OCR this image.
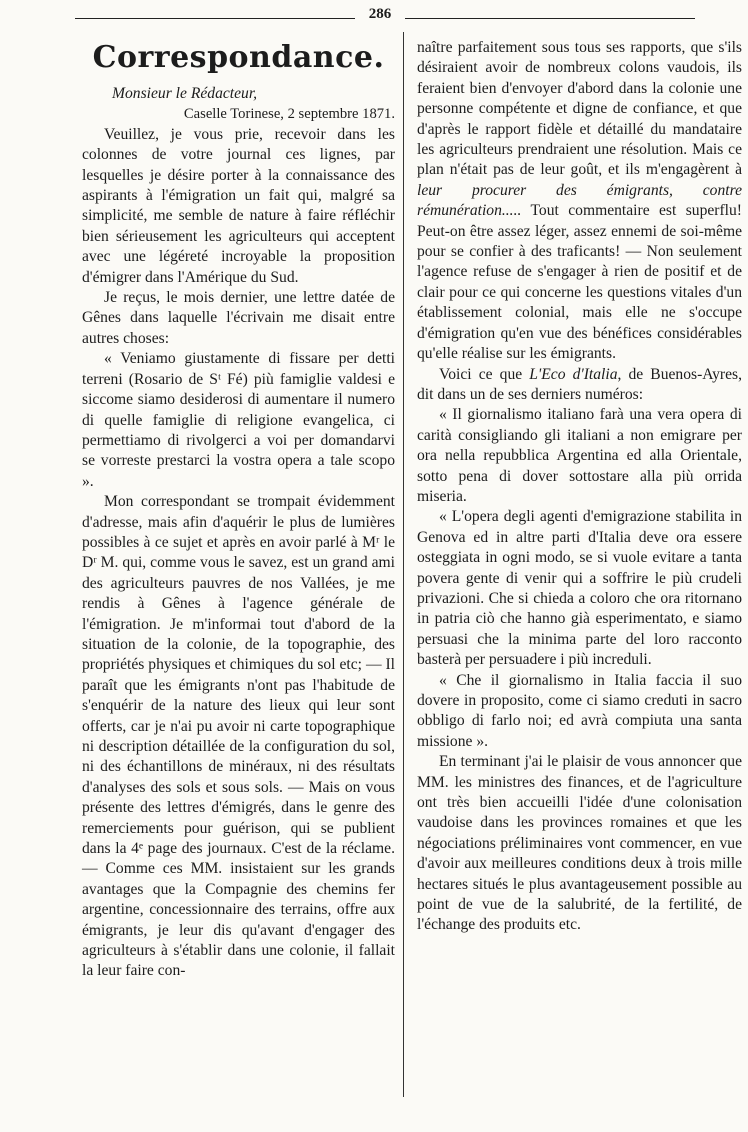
286
Correspondance.
Monsieur le Rédacteur,
Caselle Torinese, 2 septembre 1871.

Veuillez, je vous prie, recevoir dans les colonnes de votre journal ces lignes, par lesquelles je désire porter à la connaissance des aspirants à l'émigration un fait qui, malgré sa simplicité, me semble de nature à faire réfléchir bien sérieusement les agriculteurs qui acceptent avec une légéreté incroyable la proposition d'émigrer dans l'Amérique du Sud.

Je reçus, le mois dernier, une lettre datée de Gênes dans laquelle l'écrivain me disait entre autres choses:

« Veniamo giustamente di fissare per detti terreni (Rosario de Sᵗ Fé) più famiglie valdesi e siccome siamo desiderosi di aumentare il numero di quelle famiglie di religione evangelica, ci permettiamo di rivolgerci a voi per domandarvi se vorreste prestarci la vostra opera a tale scopo ».

Mon correspondant se trompait évidemment d'adresse, mais afin d'aquérir le plus de lumières possibles à ce sujet et après en avoir parlé à Mʳ le Dʳ M. qui, comme vous le savez, est un grand ami des agriculteurs pauvres de nos Vallées, je me rendis à Gênes à l'agence générale de l'émigration. Je m'informai tout d'abord de la situation de la colonie, de la topographie, des propriétés physiques et chimiques du sol etc; — Il paraît que les émigrants n'ont pas l'habitude de s'enquérir de la nature des lieux qui leur sont offerts, car je n'ai pu avoir ni carte topographique ni description détaillée de la configuration du sol, ni des échantillons de minéraux, ni des résultats d'analyses des sols et sous sols. — Mais on vous présente des lettres d'émigrés, dans le genre des remerciements pour guérison, qui se publient dans la 4ᵉ page des journaux. C'est de la réclame. — Comme ces MM. insistaient sur les grands avantages que la Compagnie des chemins fer argentine, concessionnaire des terrains, offre aux émigrants, je leur dis qu'avant d'engager des agriculteurs à s'établir dans une colonie, il fallait la leur faire con-

naître parfaitement sous tous ses rapports, que s'ils désiraient avoir de nombreux colons vaudois, ils feraient bien d'envoyer d'abord dans la colonie une personne compétente et digne de confiance, et que d'après le rapport fidèle et détaillé du mandataire les agriculteurs prendraient une résolution. Mais ce plan n'était pas de leur goût, et ils m'engagèrent à leur procurer des émigrants, contre rémunération..... Tout commentaire est superflu! Peut-on être assez léger, assez ennemi de soi-même pour se confier à des traficants! — Non seulement l'agence refuse de s'engager à rien de positif et de clair pour ce qui concerne les questions vitales d'un établissement colonial, mais elle ne s'occupe d'émigration qu'en vue des bénéfices considérables qu'elle réalise sur les émigrants.

Voici ce que L'Eco d'Italia, de Buenos-Ayres, dit dans un de ses derniers numéros:

« Il giornalismo italiano farà una vera opera di carità consigliando gli italiani a non emigrare per ora nella repubblica Argentina ed alla Orientale, sotto pena di dover sottostare alla più orrida miseria.

« L'opera degli agenti d'emigrazione stabilita in Genova ed in altre parti d'Italia deve ora essere osteggiata in ogni modo, se si vuole evitare a tanta povera gente di venir qui a soffrire le più crudeli privazioni. Che si chieda a coloro che ora ritornano in patria ciò che hanno già esperimentato, e siamo persuasi che la minima parte del loro racconto basterà per persuadere i più increduli.

« Che il giornalismo in Italia faccia il suo dovere in proposito, come ci siamo creduti in sacro obbligo di farlo noi; ed avrà compiuta una santa missione ».

En terminant j'ai le plaisir de vous annoncer que MM. les ministres des finances, et de l'agriculture ont très bien accueilli l'idée d'une colonisation vaudoise dans les provinces romaines et que les négociations préliminaires vont commencer, en vue d'avoir aux meilleures conditions deux à trois mille hectares situés le plus avantageusement possible au point de vue de la salubrité, de la fertilité, de l'échange des produits etc.
